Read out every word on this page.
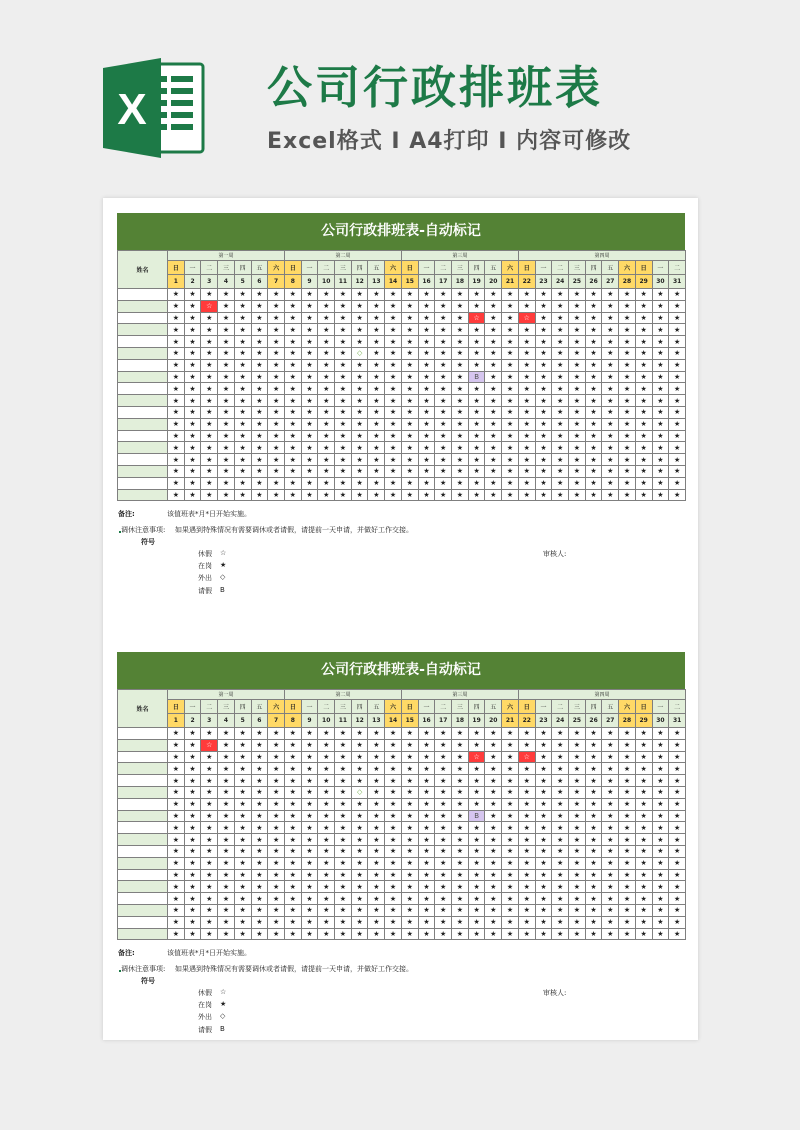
X	公司行政排班表
Excel格式 I A4打印 I 内容可修改
公司行政排班表-自动标记
姓名	第一周							第二周							第三周							第四周									
	日	一	二	三	四	五	六	日	一	二	三	四	五	六	日	一	二	三	四	五	六	日	一	二	三	四	五	六	日	一	二
	1	2	3	4	5	6	7	8	9	10	11	12	13	14	15	16	17	18	19	20	21	22	23	24	25	26	27	28	29	30	31
	★	★	★	★	★	★	★	★	★	★	★	★	★	★	★	★	★	★	★	★	★	★	★	★	★	★	★	★	★	★	★
	★	★	☆	★	★	★	★	★	★	★	★	★	★	★	★	★	★	★	★	★	★	★	★	★	★	★	★	★	★	★	★
	★	★	★	★	★	★	★	★	★	★	★	★	★	★	★	★	★	★	☆	★	★	☆	★	★	★	★	★	★	★	★	★
	★	★	★	★	★	★	★	★	★	★	★	★	★	★	★	★	★	★	★	★	★	★	★	★	★	★	★	★	★	★	★
	★	★	★	★	★	★	★	★	★	★	★	★	★	★	★	★	★	★	★	★	★	★	★	★	★	★	★	★	★	★	★
	★	★	★	★	★	★	★	★	★	★	★	◇	★	★	★	★	★	★	★	★	★	★	★	★	★	★	★	★	★	★	★
	★	★	★	★	★	★	★	★	★	★	★	★	★	★	★	★	★	★	★	★	★	★	★	★	★	★	★	★	★	★	★
	★	★	★	★	★	★	★	★	★	★	★	★	★	★	★	★	★	★	B	★	★	★	★	★	★	★	★	★	★	★	★
	★	★	★	★	★	★	★	★	★	★	★	★	★	★	★	★	★	★	★	★	★	★	★	★	★	★	★	★	★	★	★
	★	★	★	★	★	★	★	★	★	★	★	★	★	★	★	★	★	★	★	★	★	★	★	★	★	★	★	★	★	★	★
	★	★	★	★	★	★	★	★	★	★	★	★	★	★	★	★	★	★	★	★	★	★	★	★	★	★	★	★	★	★	★
	★	★	★	★	★	★	★	★	★	★	★	★	★	★	★	★	★	★	★	★	★	★	★	★	★	★	★	★	★	★	★
	★	★	★	★	★	★	★	★	★	★	★	★	★	★	★	★	★	★	★	★	★	★	★	★	★	★	★	★	★	★	★
	★	★	★	★	★	★	★	★	★	★	★	★	★	★	★	★	★	★	★	★	★	★	★	★	★	★	★	★	★	★	★
	★	★	★	★	★	★	★	★	★	★	★	★	★	★	★	★	★	★	★	★	★	★	★	★	★	★	★	★	★	★	★
	★	★	★	★	★	★	★	★	★	★	★	★	★	★	★	★	★	★	★	★	★	★	★	★	★	★	★	★	★	★	★
	★	★	★	★	★	★	★	★	★	★	★	★	★	★	★	★	★	★	★	★	★	★	★	★	★	★	★	★	★	★	★
	★	★	★	★	★	★	★	★	★	★	★	★	★	★	★	★	★	★	★	★	★	★	★	★	★	★	★	★	★	★	★
备注:	该值班表*月*日开始实施。
调休注意事项: 如果遇到特殊情况有需要调休或者请假，请提前一天申请，并做好工作交接。
符号
休假 ☆
在岗 ★
外出 ◇
请假 B
审核人:
公司行政排班表-自动标记
姓名	第一周							第二周							第三周							第四周									
	日	一	二	三	四	五	六	日	一	二	三	四	五	六	日	一	二	三	四	五	六	日	一	二	三	四	五	六	日	一	二
	1	2	3	4	5	6	7	8	9	10	11	12	13	14	15	16	17	18	19	20	21	22	23	24	25	26	27	28	29	30	31
	★	★	★	★	★	★	★	★	★	★	★	★	★	★	★	★	★	★	★	★	★	★	★	★	★	★	★	★	★	★	★
	★	★	☆	★	★	★	★	★	★	★	★	★	★	★	★	★	★	★	★	★	★	★	★	★	★	★	★	★	★	★	★
	★	★	★	★	★	★	★	★	★	★	★	★	★	★	★	★	★	★	☆	★	★	☆	★	★	★	★	★	★	★	★	★
	★	★	★	★	★	★	★	★	★	★	★	★	★	★	★	★	★	★	★	★	★	★	★	★	★	★	★	★	★	★	★
	★	★	★	★	★	★	★	★	★	★	★	★	★	★	★	★	★	★	★	★	★	★	★	★	★	★	★	★	★	★	★
	★	★	★	★	★	★	★	★	★	★	★	◇	★	★	★	★	★	★	★	★	★	★	★	★	★	★	★	★	★	★	★
	★	★	★	★	★	★	★	★	★	★	★	★	★	★	★	★	★	★	★	★	★	★	★	★	★	★	★	★	★	★	★
	★	★	★	★	★	★	★	★	★	★	★	★	★	★	★	★	★	★	B	★	★	★	★	★	★	★	★	★	★	★	★
	★	★	★	★	★	★	★	★	★	★	★	★	★	★	★	★	★	★	★	★	★	★	★	★	★	★	★	★	★	★	★
	★	★	★	★	★	★	★	★	★	★	★	★	★	★	★	★	★	★	★	★	★	★	★	★	★	★	★	★	★	★	★
	★	★	★	★	★	★	★	★	★	★	★	★	★	★	★	★	★	★	★	★	★	★	★	★	★	★	★	★	★	★	★
	★	★	★	★	★	★	★	★	★	★	★	★	★	★	★	★	★	★	★	★	★	★	★	★	★	★	★	★	★	★	★
	★	★	★	★	★	★	★	★	★	★	★	★	★	★	★	★	★	★	★	★	★	★	★	★	★	★	★	★	★	★	★
	★	★	★	★	★	★	★	★	★	★	★	★	★	★	★	★	★	★	★	★	★	★	★	★	★	★	★	★	★	★	★
	★	★	★	★	★	★	★	★	★	★	★	★	★	★	★	★	★	★	★	★	★	★	★	★	★	★	★	★	★	★	★
	★	★	★	★	★	★	★	★	★	★	★	★	★	★	★	★	★	★	★	★	★	★	★	★	★	★	★	★	★	★	★
	★	★	★	★	★	★	★	★	★	★	★	★	★	★	★	★	★	★	★	★	★	★	★	★	★	★	★	★	★	★	★
	★	★	★	★	★	★	★	★	★	★	★	★	★	★	★	★	★	★	★	★	★	★	★	★	★	★	★	★	★	★	★
备注:	该值班表*月*日开始实施。
调休注意事项: 如果遇到特殊情况有需要调休或者请假，请提前一天申请，并做好工作交接。
符号
休假 ☆
在岗 ★
外出 ◇
请假 B
审核人:
